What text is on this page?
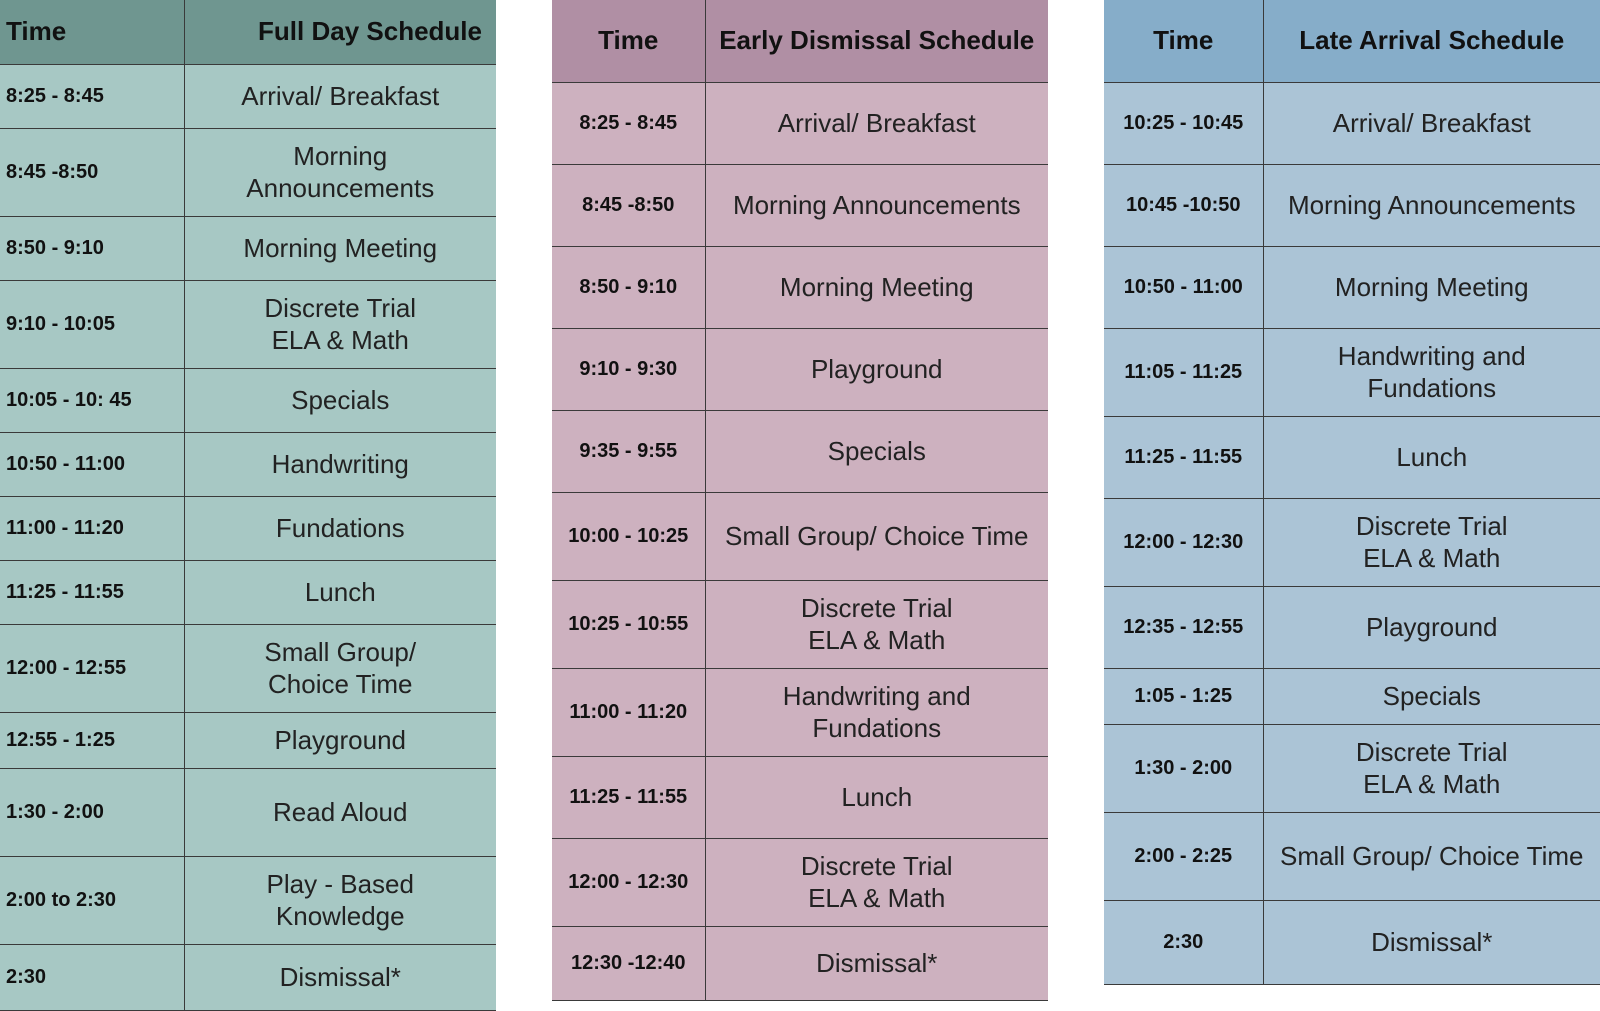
Time	Full Day Schedule
8:25 - 8:45	Arrival/ Breakfast
8:45 -8:50	Morning
Announcements
8:50 - 9:10	Morning Meeting
9:10 - 10:05	Discrete Trial
ELA & Math
10:05 - 10: 45	Specials
10:50 - 11:00	Handwriting
11:00 - 11:20	Fundations
11:25 - 11:55	Lunch
12:00 - 12:55	Small Group/
Choice Time
12:55 - 1:25	Playground
1:30 - 2:00	Read Aloud
2:00 to 2:30	Play - Based
Knowledge
2:30	Dismissal*
Time	Early Dismissal Schedule
8:25 - 8:45	Arrival/ Breakfast
8:45 -8:50	Morning Announcements
8:50 - 9:10	Morning Meeting
9:10 - 9:30	Playground
9:35 - 9:55	Specials
10:00 - 10:25	Small Group/ Choice Time
10:25 - 10:55	Discrete Trial
ELA & Math
11:00 - 11:20	Handwriting and
Fundations
11:25 - 11:55	Lunch
12:00 - 12:30	Discrete Trial
ELA & Math
12:30 -12:40	Dismissal*
Time	Late Arrival Schedule
10:25 - 10:45	Arrival/ Breakfast
10:45 -10:50	Morning Announcements
10:50 - 11:00	Morning Meeting
11:05 - 11:25	Handwriting and
Fundations
11:25 - 11:55	Lunch
12:00 - 12:30	Discrete Trial
ELA & Math
12:35 - 12:55	Playground
1:05 - 1:25	Specials
1:30 - 2:00	Discrete Trial
ELA & Math
2:00 - 2:25	Small Group/ Choice Time
2:30	Dismissal*
